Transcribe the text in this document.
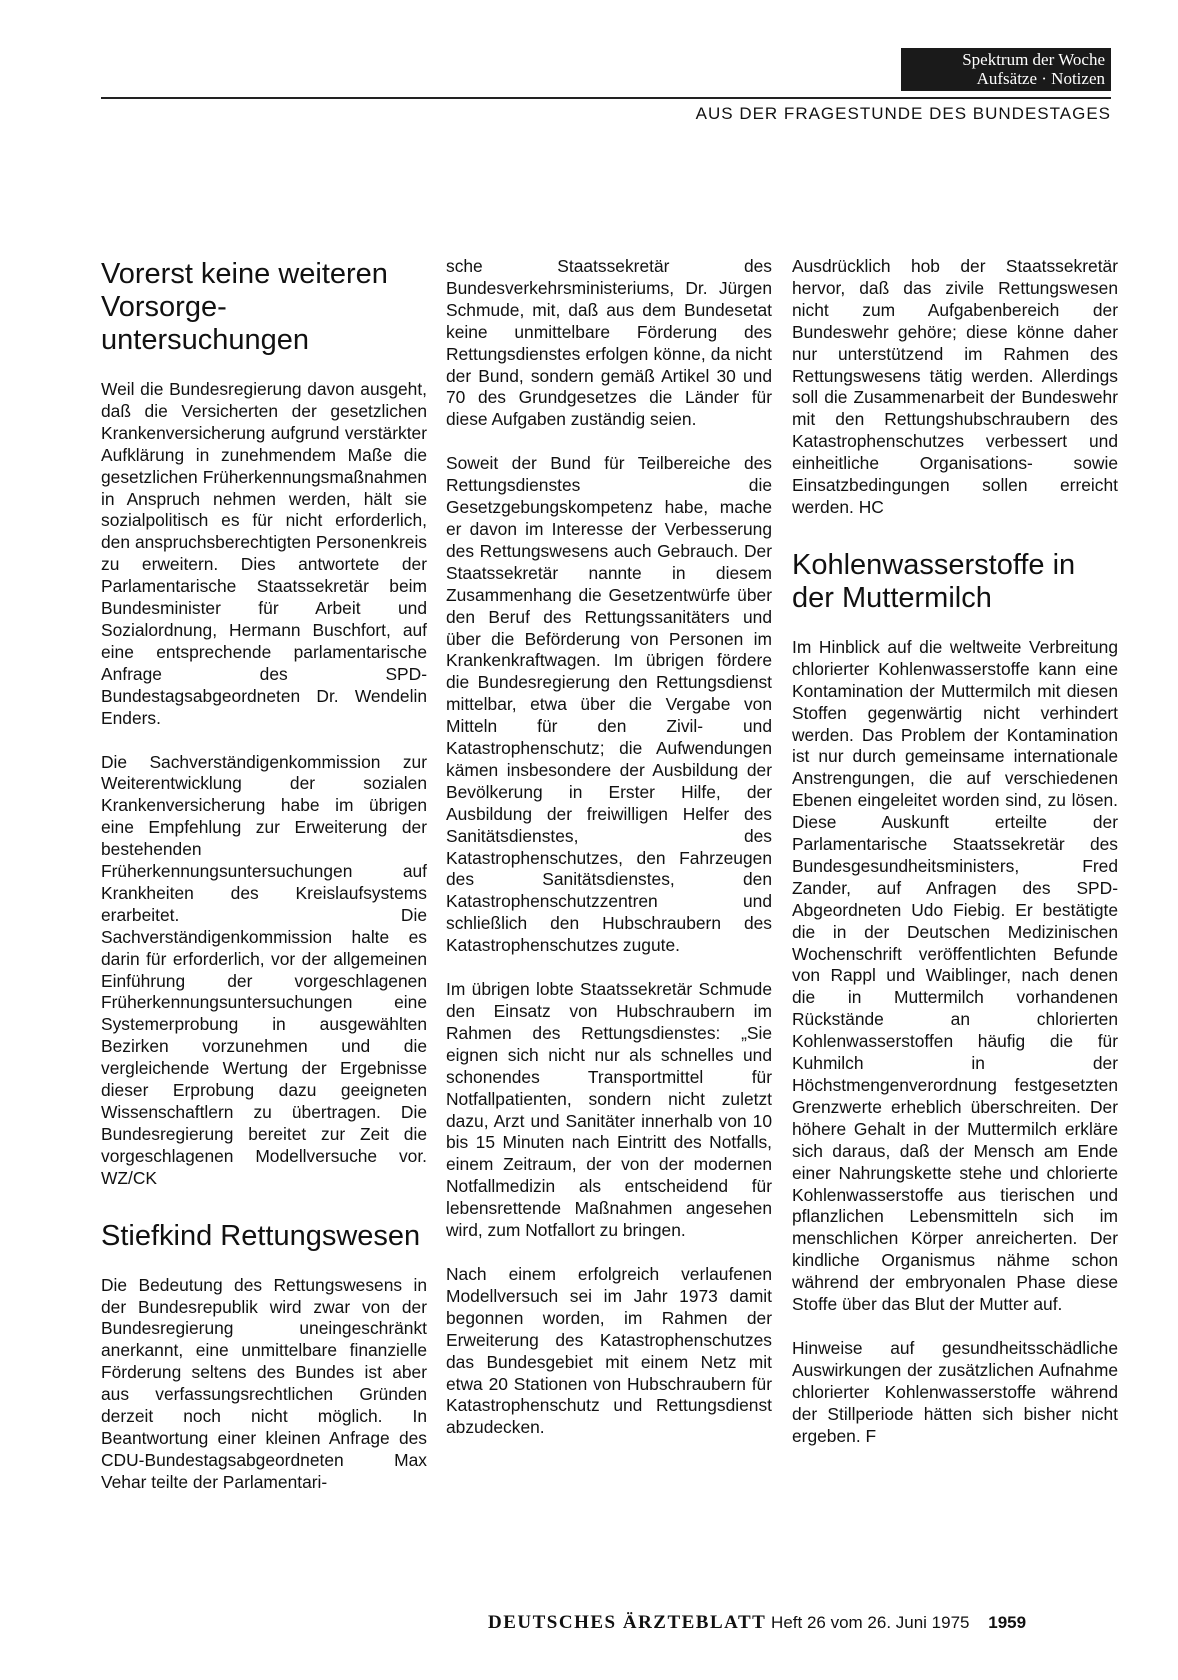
Spektrum der Woche
Aufsätze · Notizen
AUS DER FRAGESTUNDE DES BUNDESTAGES
Vorerst keine weiteren Vorsorge-untersuchungen

Weil die Bundesregierung davon ausgeht, daß die Versicherten der gesetzlichen Krankenversicherung aufgrund verstärkter Aufklärung in zunehmendem Maße die gesetzlichen Früherkennungsmaßnahmen in Anspruch nehmen werden, hält sie sozialpolitisch es für nicht erforderlich, den anspruchsberechtigten Personenkreis zu erweitern. Dies antwortete der Parlamentarische Staatssekretär beim Bundesminister für Arbeit und Sozialordnung, Hermann Buschfort, auf eine entsprechende parlamentarische Anfrage des SPD-Bundestagsabgeordneten Dr. Wendelin Enders.

Die Sachverständigenkommission zur Weiterentwicklung der sozialen Krankenversicherung habe im übrigen eine Empfehlung zur Erweiterung der bestehenden Früherkennungsuntersuchungen auf Krankheiten des Kreislaufsystems erarbeitet. Die Sachverständigenkommission halte es darin für erforderlich, vor der allgemeinen Einführung der vorgeschlagenen Früherkennungsuntersuchungen eine Systemerprobung in ausgewählten Bezirken vorzunehmen und die vergleichende Wertung der Ergebnisse dieser Erprobung dazu geeigneten Wissenschaftlern zu übertragen. Die Bundesregierung bereitet zur Zeit die vorgeschlagenen Modellversuche vor. WZ/CK

Stiefkind Rettungswesen

Die Bedeutung des Rettungswesens in der Bundesrepublik wird zwar von der Bundesregierung uneingeschränkt anerkannt, eine unmittelbare finanzielle Förderung seltens des Bundes ist aber aus verfassungsrechtlichen Gründen derzeit noch nicht möglich. In Beantwortung einer kleinen Anfrage des CDU-Bundestagsabgeordneten Max Vehar teilte der Parlamentari-

sche Staatssekretär des Bundesverkehrsministeriums, Dr. Jürgen Schmude, mit, daß aus dem Bundesetat keine unmittelbare Förderung des Rettungsdienstes erfolgen könne, da nicht der Bund, sondern gemäß Artikel 30 und 70 des Grundgesetzes die Länder für diese Aufgaben zuständig seien.

Soweit der Bund für Teilbereiche des Rettungsdienstes die Gesetzgebungskompetenz habe, mache er davon im Interesse der Verbesserung des Rettungswesens auch Gebrauch. Der Staatssekretär nannte in diesem Zusammenhang die Gesetzentwürfe über den Beruf des Rettungssanitäters und über die Beförderung von Personen im Krankenkraftwagen. Im übrigen fördere die Bundesregierung den Rettungsdienst mittelbar, etwa über die Vergabe von Mitteln für den Zivil- und Katastrophenschutz; die Aufwendungen kämen insbesondere der Ausbildung der Bevölkerung in Erster Hilfe, der Ausbildung der freiwilligen Helfer des Sanitätsdienstes, des Katastrophenschutzes, den Fahrzeugen des Sanitätsdienstes, den Katastrophenschutzzentren und schließlich den Hubschraubern des Katastrophenschutzes zugute.

Im übrigen lobte Staatssekretär Schmude den Einsatz von Hubschraubern im Rahmen des Rettungsdienstes: „Sie eignen sich nicht nur als schnelles und schonendes Transportmittel für Notfallpatienten, sondern nicht zuletzt dazu, Arzt und Sanitäter innerhalb von 10 bis 15 Minuten nach Eintritt des Notfalls, einem Zeitraum, der von der modernen Notfallmedizin als entscheidend für lebensrettende Maßnahmen angesehen wird, zum Notfallort zu bringen.

Nach einem erfolgreich verlaufenen Modellversuch sei im Jahr 1973 damit begonnen worden, im Rahmen der Erweiterung des Katastrophenschutzes das Bundesgebiet mit einem Netz mit etwa 20 Stationen von Hubschraubern für Katastrophenschutz und Rettungsdienst abzudecken.

Ausdrücklich hob der Staatssekretär hervor, daß das zivile Rettungswesen nicht zum Aufgabenbereich der Bundeswehr gehöre; diese könne daher nur unterstützend im Rahmen des Rettungswesens tätig werden. Allerdings soll die Zusammenarbeit der Bundeswehr mit den Rettungshubschraubern des Katastrophenschutzes verbessert und einheitliche Organisations- sowie Einsatzbedingungen sollen erreicht werden. HC

Kohlenwasserstoffe in der Muttermilch

Im Hinblick auf die weltweite Verbreitung chlorierter Kohlenwasserstoffe kann eine Kontamination der Muttermilch mit diesen Stoffen gegenwärtig nicht verhindert werden. Das Problem der Kontamination ist nur durch gemeinsame internationale Anstrengungen, die auf verschiedenen Ebenen eingeleitet worden sind, zu lösen. Diese Auskunft erteilte der Parlamentarische Staatssekretär des Bundesgesundheitsministers, Fred Zander, auf Anfragen des SPD-Abgeordneten Udo Fiebig. Er bestätigte die in der Deutschen Medizinischen Wochenschrift veröffentlichten Befunde von Rappl und Waiblinger, nach denen die in Muttermilch vorhandenen Rückstände an chlorierten Kohlenwasserstoffen häufig die für Kuhmilch in der Höchstmengenverordnung festgesetzten Grenzwerte erheblich überschreiten. Der höhere Gehalt in der Muttermilch erkläre sich daraus, daß der Mensch am Ende einer Nahrungskette stehe und chlorierte Kohlenwasserstoffe aus tierischen und pflanzlichen Lebensmitteln sich im menschlichen Körper anreicherten. Der kindliche Organismus nähme schon während der embryonalen Phase diese Stoffe über das Blut der Mutter auf.

Hinweise auf gesundheitsschädliche Auswirkungen der zusätzlichen Aufnahme chlorierter Kohlenwasserstoffe während der Stillperiode hätten sich bisher nicht ergeben. F

DEUTSCHES ÄRZTEBLATT Heft 26 vom 26. Juni 1975 1959
